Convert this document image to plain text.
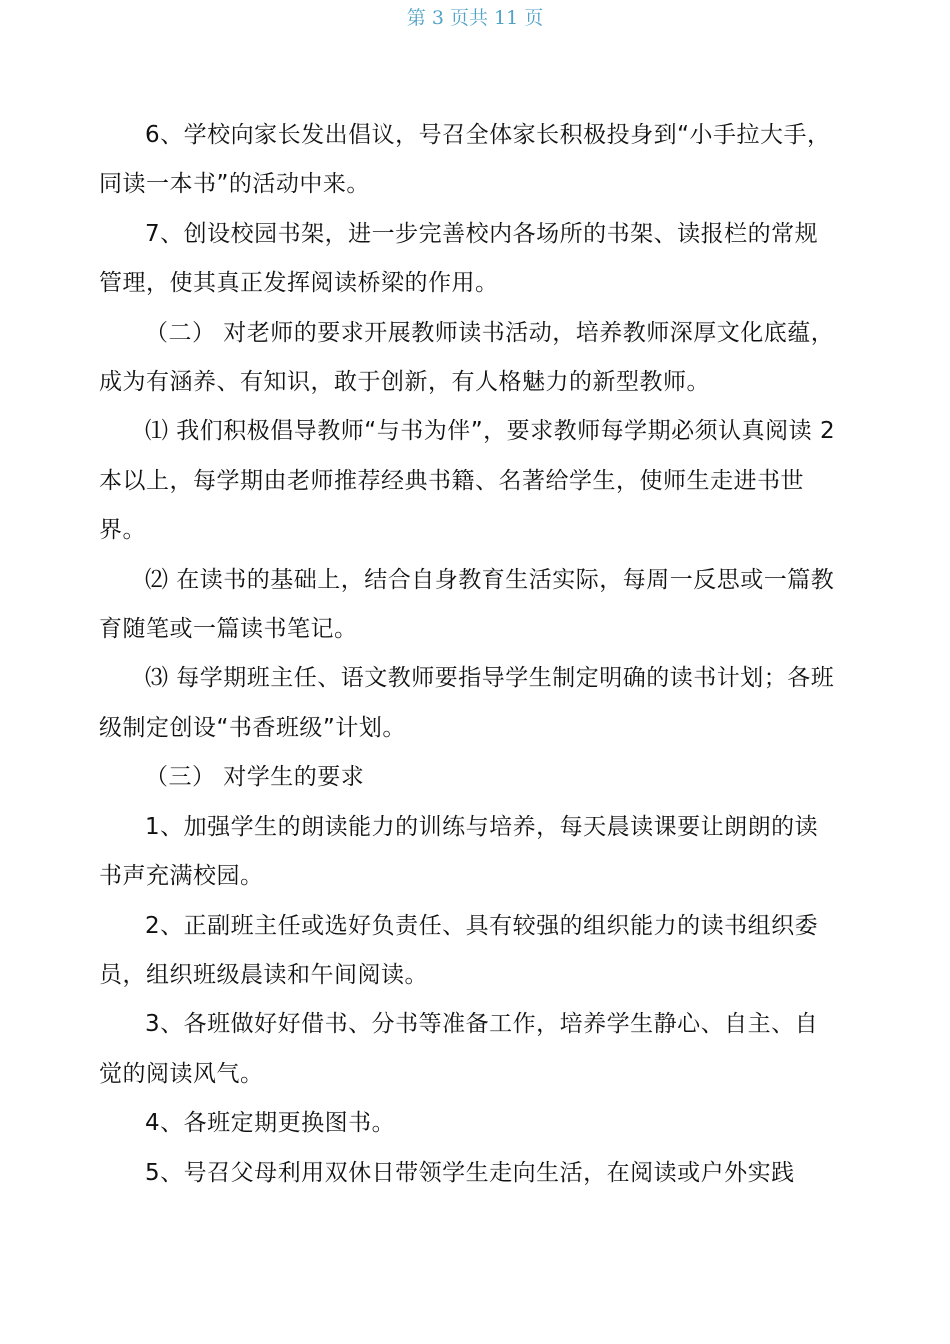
第 3 页共 11 页

6、学校向家长发出倡议，号召全体家长积极投身到“小手拉大手，同读一本书”的活动中来。

7、创设校园书架，进一步完善校内各场所的书架、读报栏的常规管理，使其真正发挥阅读桥梁的作用。

（二） 对老师的要求开展教师读书活动，培养教师深厚文化底蕴，成为有涵养、有知识，敢于创新，有人格魅力的新型教师。

⑴ 我们积极倡导教师“与书为伴”，要求教师每学期必须认真阅读 2 本以上，每学期由老师推荐经典书籍、名著给学生，使师生走进书世界。

⑵ 在读书的基础上，结合自身教育生活实际，每周一反思或一篇教育随笔或一篇读书笔记。

⑶ 每学期班主任、语文教师要指导学生制定明确的读书计划；各班级制定创设“书香班级”计划。

（三） 对学生的要求

1、加强学生的朗读能力的训练与培养，每天晨读课要让朗朗的读书声充满校园。

2、正副班主任或选好负责任、具有较强的组织能力的读书组织委员，组织班级晨读和午间阅读。

3、各班做好好借书、分书等准备工作，培养学生静心、自主、自觉的阅读风气。

4、各班定期更换图书。

5、号召父母利用双休日带领学生走向生活，在阅读或户外实践
